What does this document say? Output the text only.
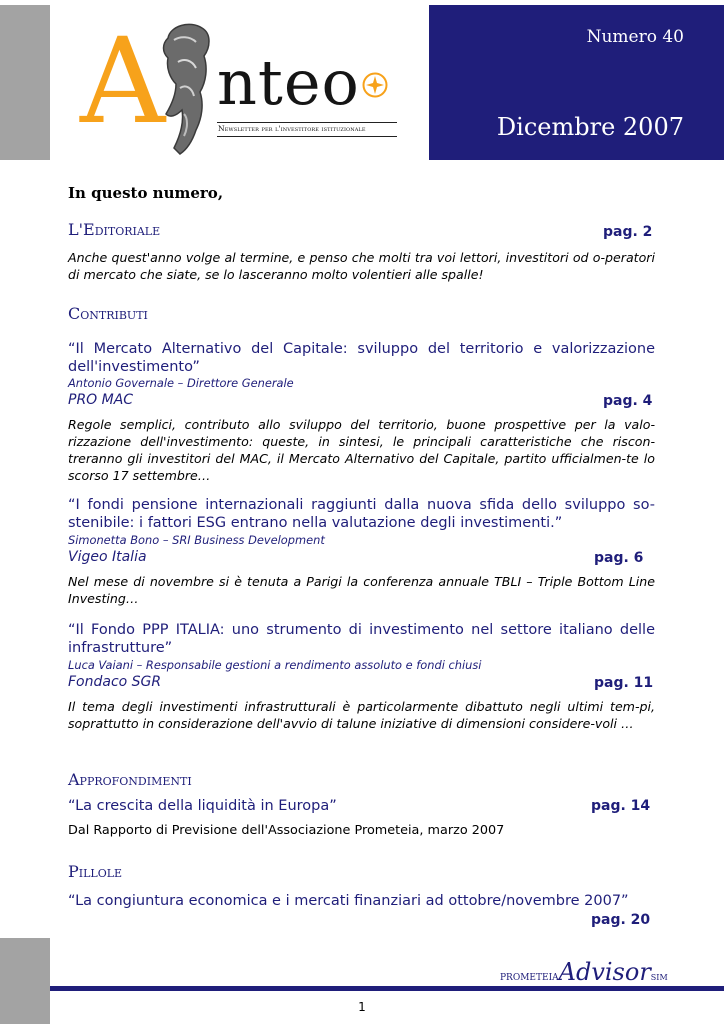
A nteo
Newsletter per l'investitore istituzionale
Numero 40
Dicembre 2007
In questo numero,
L'Editoriale	pag. 2
Anche quest'anno volge al termine, e penso che molti tra voi lettori, investitori od o-peratori di mercato che siate, se lo lasceranno molto volentieri alle spalle!
Contributi
“Il Mercato Alternativo del Capitale: sviluppo del territorio e valorizzazione dell'investimento”
Antonio Governale – Direttore Generale
PRO MAC	pag. 4
Regole semplici, contributo allo sviluppo del territorio, buone prospettive per la valo-rizzazione dell'investimento: queste, in sintesi, le principali caratteristiche che riscon-treranno gli investitori del MAC, il Mercato Alternativo del Capitale, partito ufficialmen-te lo scorso 17 settembre…
“I fondi pensione internazionali raggiunti dalla nuova sfida dello sviluppo so-stenibile: i fattori ESG entrano nella valutazione degli investimenti.”
Simonetta Bono – SRI Business Development
Vigeo Italia	pag. 6
Nel mese di novembre si è tenuta a Parigi la conferenza annuale TBLI – Triple Bottom Line Investing…
“Il Fondo PPP ITALIA: uno strumento di investimento nel settore italiano delle infrastrutture”
Luca Vaiani – Responsabile gestioni a rendimento assoluto e fondi chiusi
Fondaco SGR	pag. 11
Il tema degli investimenti infrastrutturali è particolarmente dibattuto negli ultimi tem-pi, soprattutto in considerazione dell'avvio di talune iniziative di dimensioni considere-voli …
Approfondimenti
“La crescita della liquidità in Europa”	pag. 14
Dal Rapporto di Previsione dell'Associazione Prometeia, marzo 2007
Pillole
“La congiuntura economica e i mercati finanziari ad ottobre/novembre 2007”
pag. 20
PROMETEIAAdvisorSIM
1
